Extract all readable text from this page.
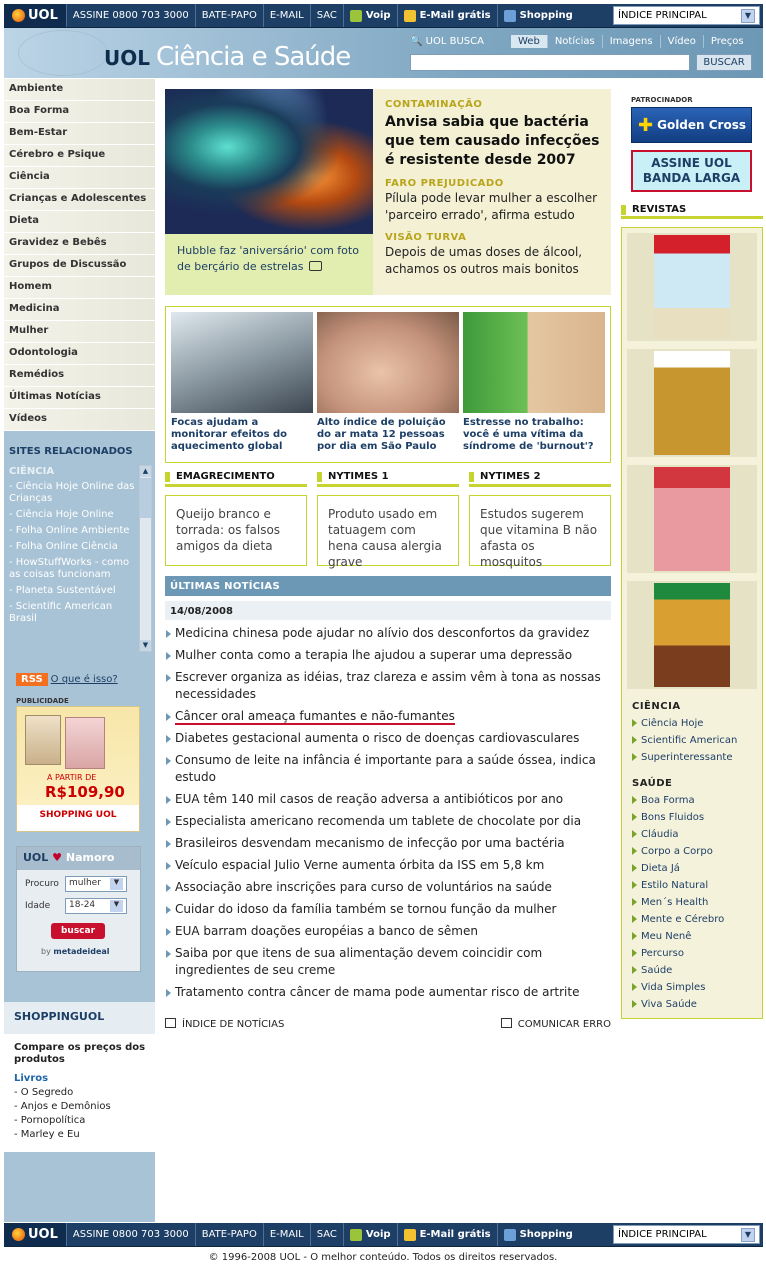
UOL	ASSINE 0800 703 3000	BATE-PAPO	E-MAIL	SAC	Voip	E-Mail grátis	Shopping	ÍNDICE PRINCIPAL	▼
UOL Ciência e Saúde
🔍 UOL BUSCA	Web	Notícias	Imagens	Vídeo	Preços
BUSCAR
Ambiente
Boa Forma
Bem-Estar
Cérebro e Psique
Ciência
Crianças e Adolescentes
Dieta
Gravidez e Bebês
Grupos de Discussão
Homem
Medicina
Mulher
Odontologia
Remédios
Últimas Notícias
Vídeos
SITES RELACIONADOS
CIÊNCIA
- Ciência Hoje Online das Crianças
- Ciência Hoje Online
- Folha Online Ambiente
- Folha Online Ciência
- HowStuffWorks - como as coisas funcionam
- Planeta Sustentável
- Scientific American Brasil
▲
▼
RSS O que é isso?
PUBLICIDADE
A PARTIR DE
R$109,90
SHOPPING UOL
UOL ♥ Namoro
Procuro	mulher	▼
Idade	18-24	▼
buscar
by metadeideal
SHOPPINGUOL
Compare os preços dos produtos
Livros
- O Segredo
- Anjos e Demônios
- Pornopolítica
- Marley e Eu
Hubble faz 'aniversário' com foto de berçário de estrelas
CONTAMINAÇÃO
Anvisa sabia que bactéria que tem causado infecções é resistente desde 2007
FARO PREJUDICADO
Pílula pode levar mulher a escolher 'parceiro errado', afirma estudo
VISÃO TURVA
Depois de umas doses de álcool, achamos os outros mais bonitos
Focas ajudam a monitorar efeitos do aquecimento global
Alto índice de poluição do ar mata 12 pessoas por dia em São Paulo
Estresse no trabalho: você é uma vítima da síndrome de 'burnout'?
EMAGRECIMENTO
Queijo branco e torrada: os falsos amigos da dieta
NYTIMES 1
Produto usado em tatuagem com hena causa alergia grave
NYTIMES 2
Estudos sugerem que vitamina B não afasta os mosquitos
ÚLTIMAS NOTÍCIAS
14/08/2008
Medicina chinesa pode ajudar no alívio dos desconfortos da gravidez
Mulher conta como a terapia lhe ajudou a superar uma depressão
Escrever organiza as idéias, traz clareza e assim vêm à tona as nossas necessidades
Câncer oral ameaça fumantes e não-fumantes
Diabetes gestacional aumenta o risco de doenças cardiovasculares
Consumo de leite na infância é importante para a saúde óssea, indica estudo
EUA têm 140 mil casos de reação adversa a antibióticos por ano
Especialista americano recomenda um tablete de chocolate por dia
Brasileiros desvendam mecanismo de infecção por uma bactéria
Veículo espacial Julio Verne aumenta órbita da ISS em 5,8 km
Associação abre inscrições para curso de voluntários na saúde
Cuidar do idoso da família também se tornou função da mulher
EUA barram doações européias a banco de sêmen
Saiba por que itens de sua alimentação devem coincidir com ingredientes de seu creme
Tratamento contra câncer de mama pode aumentar risco de artrite
ÍNDICE DE NOTÍCIAS	COMUNICAR ERRO
PATROCINADOR
✚ Golden Cross
ASSINE UOL
BANDA LARGA
REVISTAS
CIÊNCIA
Ciência Hoje
Scientific American
Superinteressante
SAÚDE
Boa Forma
Bons Fluidos
Cláudia
Corpo a Corpo
Dieta Já
Estilo Natural
Men´s Health
Mente e Cérebro
Meu Nenê
Percurso
Saúde
Vida Simples
Viva Saúde
UOL	ASSINE 0800 703 3000	BATE-PAPO	E-MAIL	SAC	Voip	E-Mail grátis	Shopping	ÍNDICE PRINCIPAL	▼
© 1996-2008 UOL - O melhor conteúdo. Todos os direitos reservados.
